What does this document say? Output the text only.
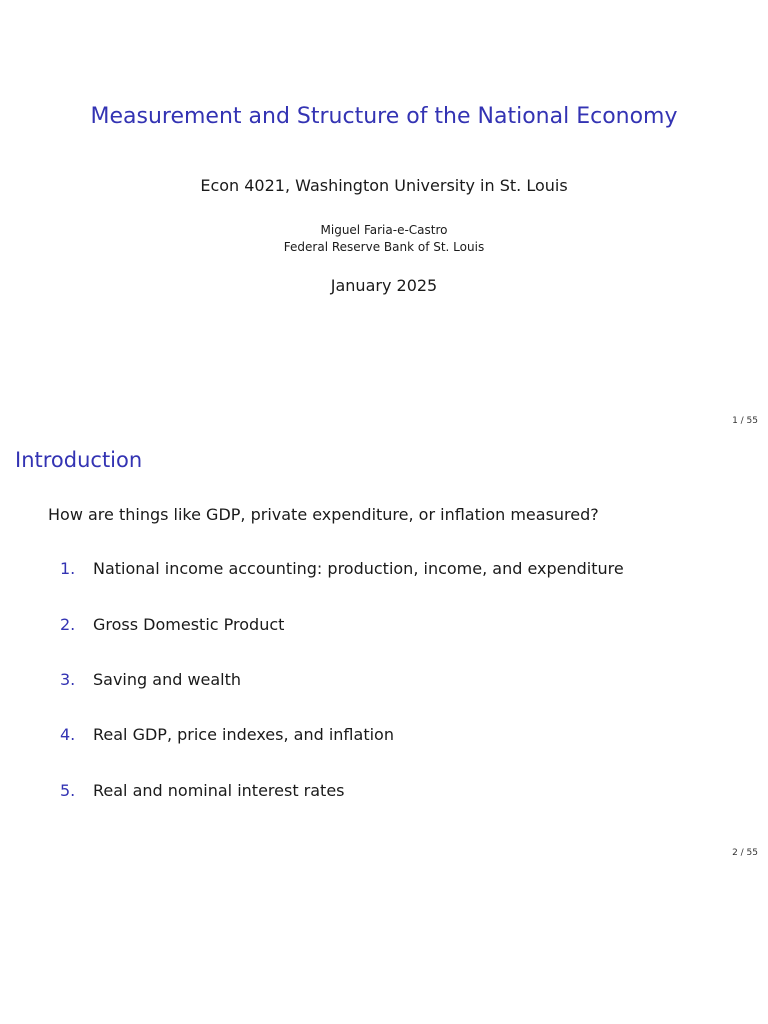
Measurement and Structure of the National Economy
Econ 4021, Washington University in St. Louis
Miguel Faria-e-Castro
Federal Reserve Bank of St. Louis
January 2025
1 / 55
Introduction
How are things like GDP, private expenditure, or inflation measured?
1. National income accounting: production, income, and expenditure
2. Gross Domestic Product
3. Saving and wealth
4. Real GDP, price indexes, and inflation
5. Real and nominal interest rates
2 / 55
